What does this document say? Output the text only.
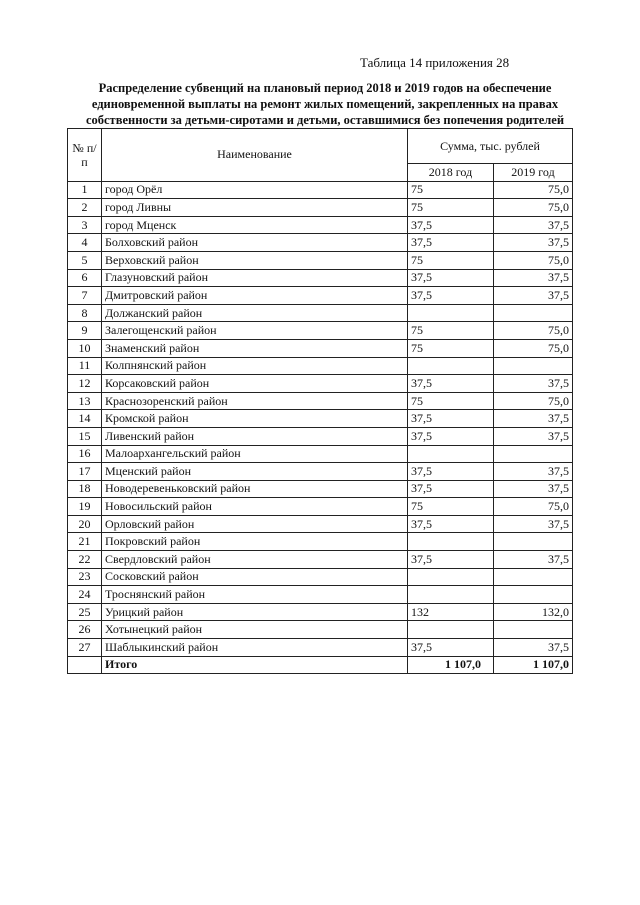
Таблица 14 приложения 28
Распределение субвенций на плановый период 2018 и 2019 годов на обеспечение
единовременной выплаты на ремонт жилых помещений, закрепленных на правах
собственности за детьми-сиротами и детьми, оставшимися без попечения родителей
№ п/п	Наименование	Сумма, тыс. рублей	
		2018 год	2019 год
1	город Орёл	75	75,0
2	город Ливны	75	75,0
3	город Мценск	37,5	37,5
4	Болховский район	37,5	37,5
5	Верховский район	75	75,0
6	Глазуновский район	37,5	37,5
7	Дмитровский район	37,5	37,5
8	Должанский район		
9	Залегощенский район	75	75,0
10	Знаменский район	75	75,0
11	Колпнянский район		
12	Корсаковский район	37,5	37,5
13	Краснозоренский район	75	75,0
14	Кромской район	37,5	37,5
15	Ливенский район	37,5	37,5
16	Малоархангельский район		
17	Мценский район	37,5	37,5
18	Новодеревеньковский район	37,5	37,5
19	Новосильский район	75	75,0
20	Орловский район	37,5	37,5
21	Покровский район		
22	Свердловский район	37,5	37,5
23	Сосковский район		
24	Троснянский район		
25	Урицкий район	132	132,0
26	Хотынецкий район		
27	Шаблыкинский район	37,5	37,5
	Итого	1 107,0	1 107,0
